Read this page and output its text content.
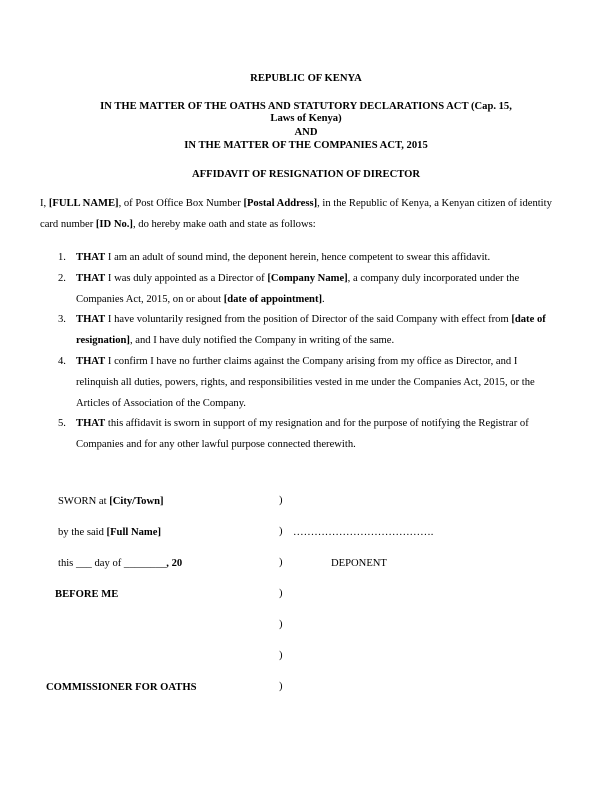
REPUBLIC OF KENYA
IN THE MATTER OF THE OATHS AND STATUTORY DECLARATIONS ACT (Cap. 15,
Laws of Kenya)
AND
IN THE MATTER OF THE COMPANIES ACT, 2015
AFFIDAVIT OF RESIGNATION OF DIRECTOR
I, [FULL NAME], of Post Office Box Number [Postal Address], in the Republic of Kenya, a Kenyan citizen of identity card number [ID No.], do hereby make oath and state as follows:
1. THAT I am an adult of sound mind, the deponent herein, hence competent to swear this affidavit.
2. THAT I was duly appointed as a Director of [Company Name], a company duly incorporated under the Companies Act, 2015, on or about [date of appointment].
3. THAT I have voluntarily resigned from the position of Director of the said Company with effect from [date of resignation], and I have duly notified the Company in writing of the same.
4. THAT I confirm I have no further claims against the Company arising from my office as Director, and I relinquish all duties, powers, rights, and responsibilities vested in me under the Companies Act, 2015, or the Articles of Association of the Company.
5. THAT this affidavit is sworn in support of my resignation and for the purpose of notifying the Registrar of Companies and for any other lawful purpose connected therewith.
SWORN at [City/Town]	)
by the said [Full Name]	) ………………………………….
this ___ day of ________, 20	)	DEPONENT
BEFORE ME	)
)
)
COMMISSIONER FOR OATHS	)
